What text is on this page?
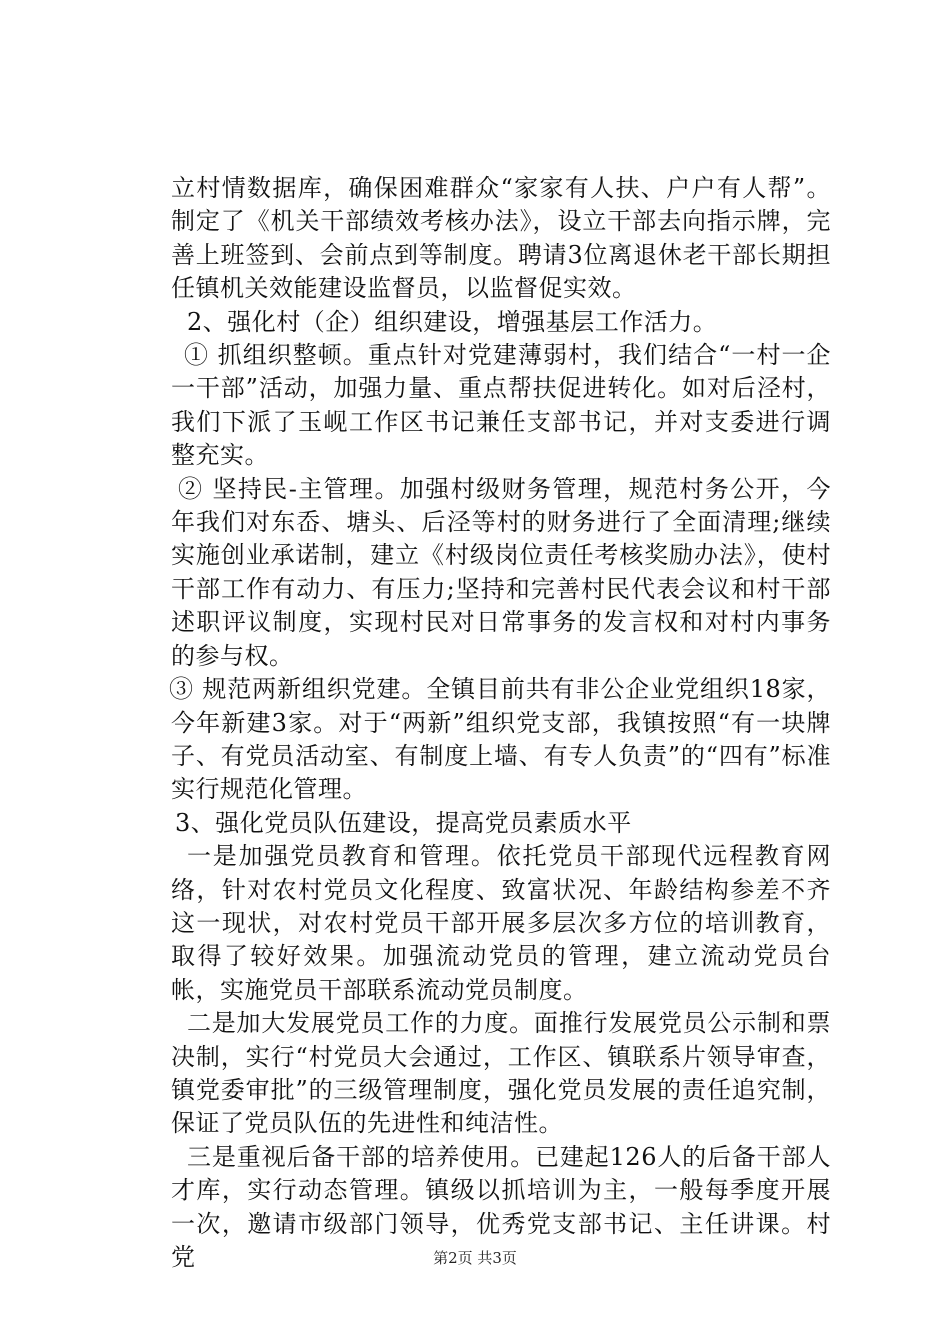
立村情数据库，确保困难群众“家家有人扶、户户有人帮”。制定了《机关干部绩效考核办法》，设立干部去向指示牌，完善上班签到、会前点到等制度。聘请3位离退休老干部长期担任镇机关效能建设监督员，以监督促实效。

2、强化村（企）组织建设，增强基层工作活力。

① 抓组织整顿。重点针对党建薄弱村，我们结合“一村一企一干部”活动，加强力量、重点帮扶促进转化。如对后泾村，我们下派了玉岘工作区书记兼任支部书记，并对支委进行调整充实。

② 坚持民-主管理。加强村级财务管理，规范村务公开，今年我们对东岙、塘头、后泾等村的财务进行了全面清理;继续实施创业承诺制，建立《村级岗位责任考核奖励办法》，使村干部工作有动力、有压力;坚持和完善村民代表会议和村干部述职评议制度，实现村民对日常事务的发言权和对村内事务的参与权。

③ 规范两新组织党建。全镇目前共有非公企业党组织18家，今年新建3家。对于“两新”组织党支部，我镇按照“有一块牌子、有党员活动室、有制度上墙、有专人负责”的“四有”标准实行规范化管理。

3、强化党员队伍建设，提高党员素质水平

一是加强党员教育和管理。依托党员干部现代远程教育网络，针对农村党员文化程度、致富状况、年龄结构参差不齐这一现状，对农村党员干部开展多层次多方位的培训教育，取得了较好效果。加强流动党员的管理，建立流动党员台帐，实施党员干部联系流动党员制度。

二是加大发展党员工作的力度。面推行发展党员公示制和票决制，实行“村党员大会通过，工作区、镇联系片领导审查，镇党委审批”的三级管理制度，强化党员发展的责任追究制，保证了党员队伍的先进性和纯洁性。

三是重视后备干部的培养使用。已建起126人的后备干部人才库，实行动态管理。镇级以抓培训为主，一般每季度开展一次，邀请市级部门领导，优秀党支部书记、主任讲课。村党	第2页 共3页
